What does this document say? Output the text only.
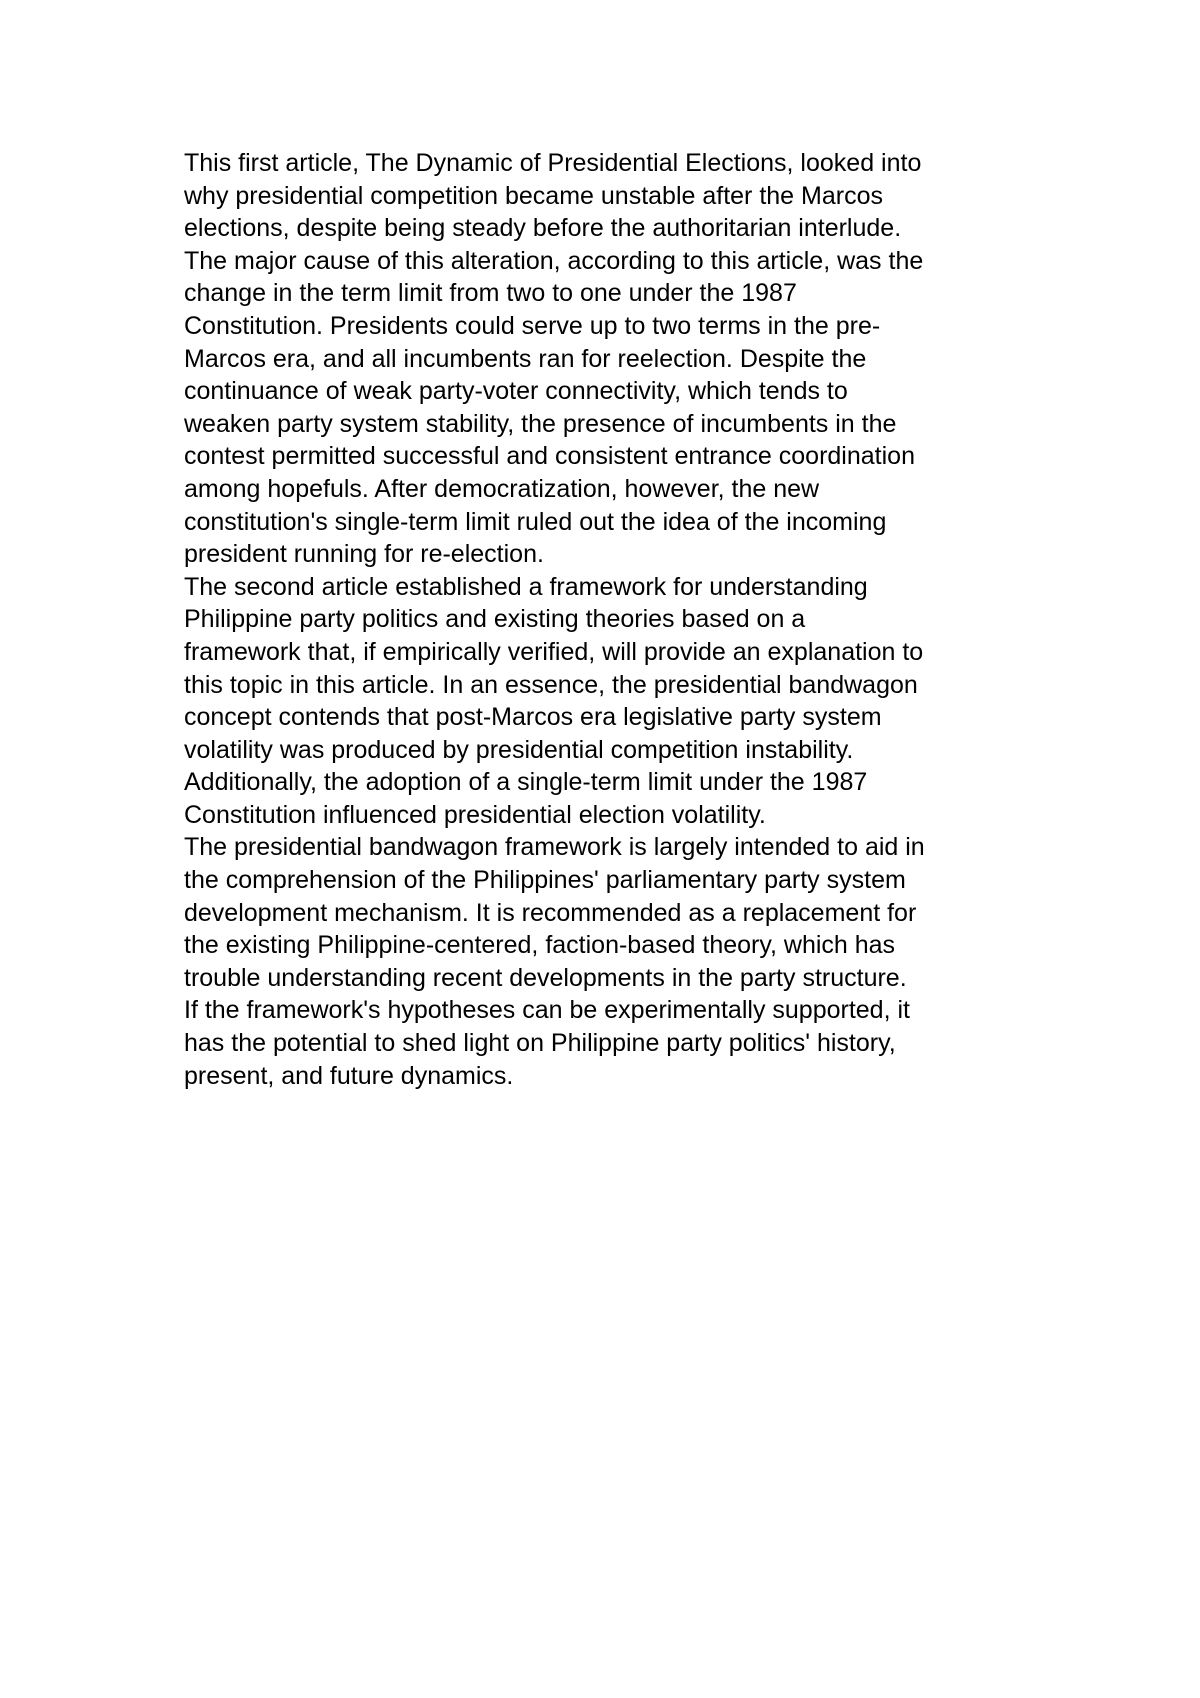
This first article, The Dynamic of Presidential Elections, looked into
why presidential competition became unstable after the Marcos
elections, despite being steady before the authoritarian interlude.
The major cause of this alteration, according to this article, was the
change in the term limit from two to one under the 1987
Constitution. Presidents could serve up to two terms in the pre-
Marcos era, and all incumbents ran for reelection. Despite the
continuance of weak party-voter connectivity, which tends to
weaken party system stability, the presence of incumbents in the
contest permitted successful and consistent entrance coordination
among hopefuls. After democratization, however, the new
constitution's single-term limit ruled out the idea of the incoming
president running for re-election.
The second article established a framework for understanding
Philippine party politics and existing theories based on a
framework that, if empirically verified, will provide an explanation to
this topic in this article. In an essence, the presidential bandwagon
concept contends that post-Marcos era legislative party system
volatility was produced by presidential competition instability.
Additionally, the adoption of a single-term limit under the 1987
Constitution influenced presidential election volatility.
The presidential bandwagon framework is largely intended to aid in
the comprehension of the Philippines' parliamentary party system
development mechanism. It is recommended as a replacement for
the existing Philippine-centered, faction-based theory, which has
trouble understanding recent developments in the party structure.
If the framework's hypotheses can be experimentally supported, it
has the potential to shed light on Philippine party politics' history,
present, and future dynamics.
